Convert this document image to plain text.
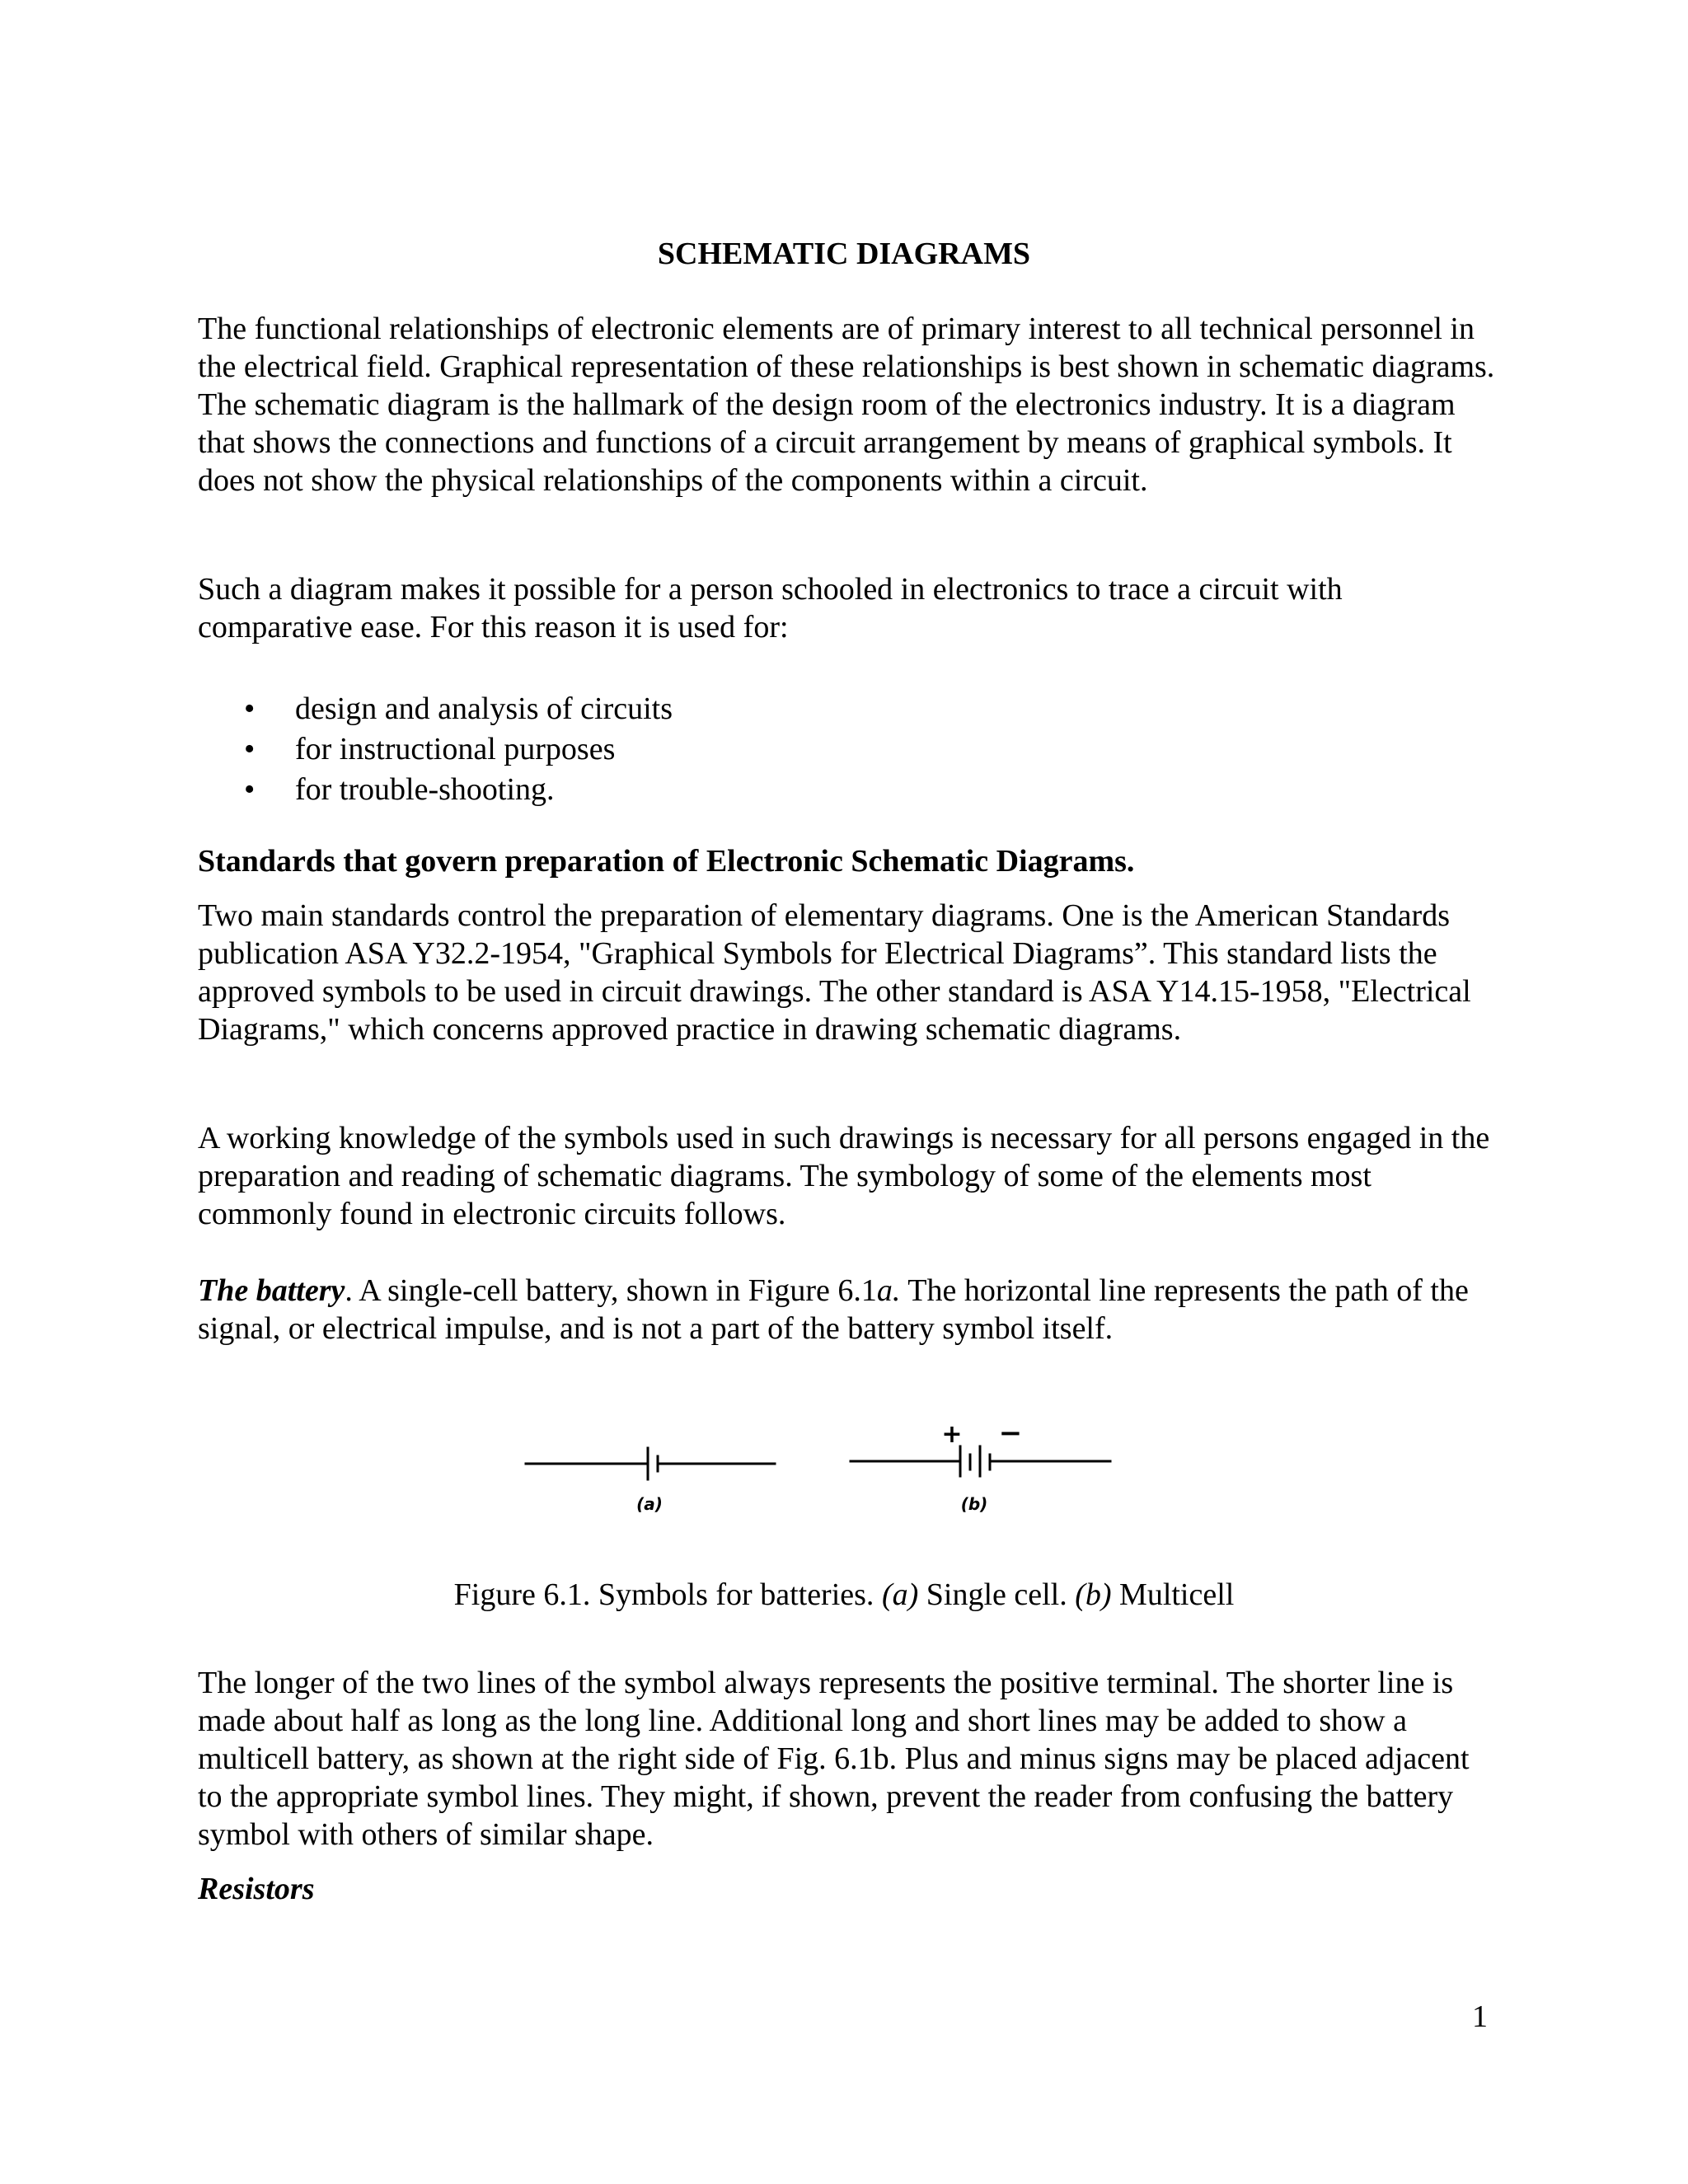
SCHEMATIC DIAGRAMS

The functional relationships of electronic elements are of primary interest to all technical personnel in the electrical field. Graphical representation of these relationships is best shown in schematic diagrams. The schematic diagram is the hallmark of the design room of the electronics industry. It is a diagram that shows the connections and functions of a circuit arrangement by means of graphical symbols. It does not show the physical relationships of the components within a circuit.

Such a diagram makes it possible for a person schooled in electronics to trace a circuit with comparative ease. For this reason it is used for:

• design and analysis of circuits
• for instructional purposes
• for trouble-shooting.

Standards that govern preparation of Electronic Schematic Diagrams.

Two main standards control the preparation of elementary diagrams. One is the American Standards publication ASA Y32.2-1954, "Graphical Symbols for Electrical Diagrams”. This standard lists the approved symbols to be used in circuit drawings. The other standard is ASA Y14.15-1958, "Electrical Diagrams," which concerns approved practice in drawing schematic diagrams.

A working knowledge of the symbols used in such drawings is necessary for all persons engaged in the preparation and reading of schematic diagrams. The symbology of some of the elements most commonly found in electronic circuits follows.

The battery. A single-cell battery, shown in Figure 6.1a. The horizontal line represents the path of the signal, or electrical impulse, and is not a part of the battery symbol itself.

(a)
+ −
(b)

Figure 6.1. Symbols for batteries. (a) Single cell. (b) Multicell

The longer of the two lines of the symbol always represents the positive terminal. The shorter line is made about half as long as the long line. Additional long and short lines may be added to show a multicell battery, as shown at the right side of Fig. 6.1b. Plus and minus signs may be placed adjacent to the appropriate symbol lines. They might, if shown, prevent the reader from confusing the battery symbol with others of similar shape.

Resistors

1
